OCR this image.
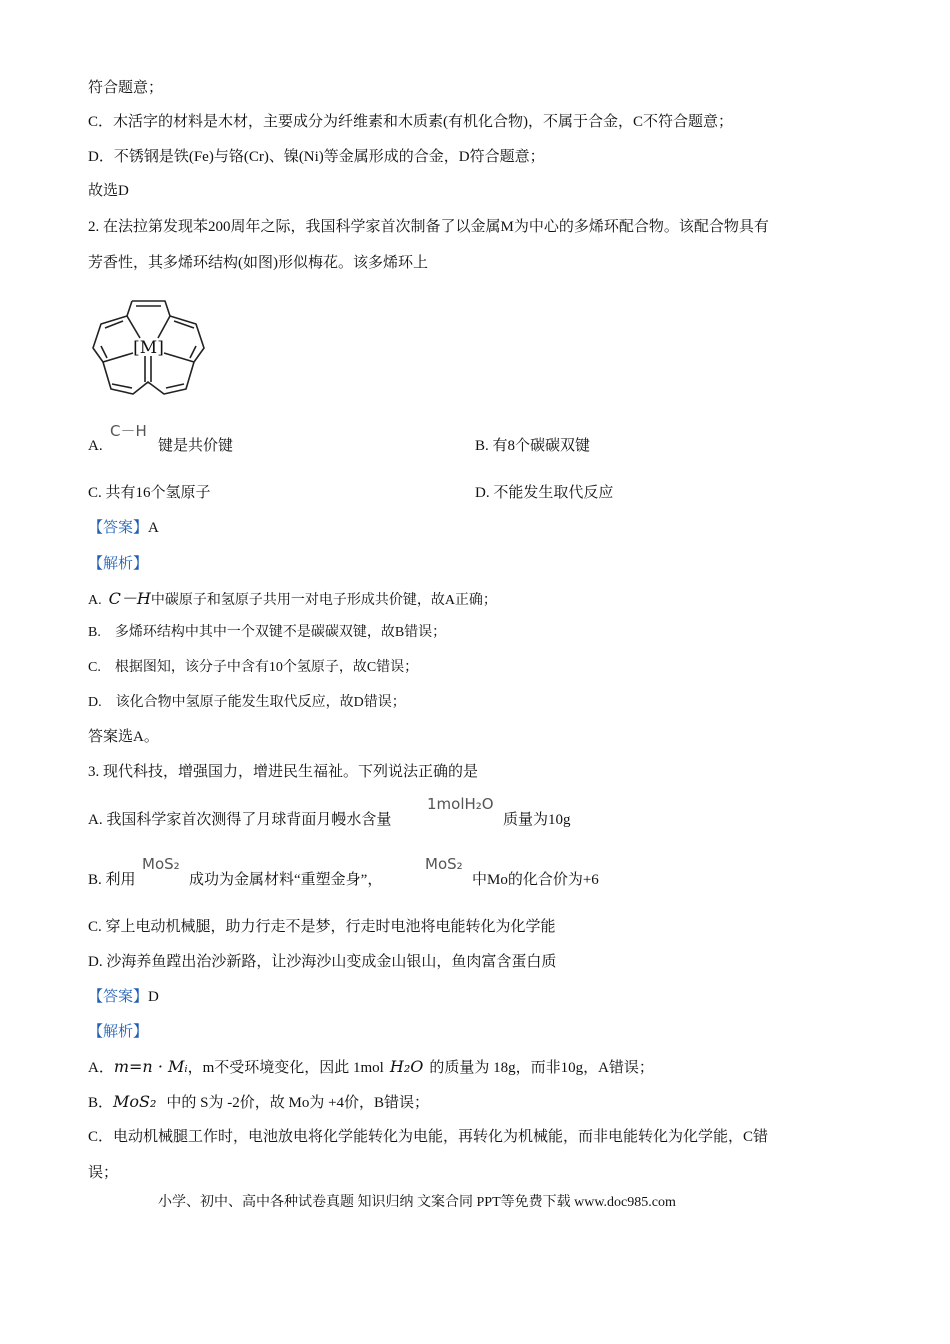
符合题意；
C．木活字的材料是木材，主要成分为纤维素和木质素(有机化合物)，不属于合金，C不符合题意；
D．不锈钢是铁(Fe)与铬(Cr)、镍(Ni)等金属形成的合金，D符合题意；
故选D
2. 在法拉第发现苯200周年之际，我国科学家首次制备了以金属M为中心的多烯环配合物。该配合物具有
芳香性，其多烯环结构(如图)形似梅花。该多烯环上
[M]
A.
C－H
键是共价键	B. 有8个碳碳双键
C. 共有16个氢原子	D. 不能发生取代反应
【答案】A
【解析】
A. C－H中碳原子和氢原子共用一对电子形成共价键，故A正确；
B.　多烯环结构中其中一个双键不是碳碳双键，故B错误；
C.　根据图知，该分子中含有10个氢原子，故C错误；
D.　该化合物中氢原子能发生取代反应，故D错误；
答案选A。
3. 现代科技，增强国力，增进民生福祉。下列说法正确的是
A. 我国科学家首次测得了月球背面月幔水含量
1molH₂O
质量为10g
B. 利用
MoS₂
成功为金属材料“重塑金身”，
MoS₂
中Mo的化合价为+6
C. 穿上电动机械腿，助力行走不是梦，行走时电池将电能转化为化学能
D. 沙海养鱼蹚出治沙新路，让沙海沙山变成金山银山，鱼肉富含蛋白质
【答案】D
【解析】
A．m=n · Mᵢ，m不受环境变化，因此 1mol H₂O 的质量为 18g，而非10g，A错误；
B．MoS₂ 中的 S为 -2价，故 Mo为 +4价，B错误；
C．电动机械腿工作时，电池放电将化学能转化为电能，再转化为机械能，而非电能转化为化学能，C错
误；
小学、初中、高中各种试卷真题 知识归纳 文案合同 PPT等免费下载 www.doc985.com
